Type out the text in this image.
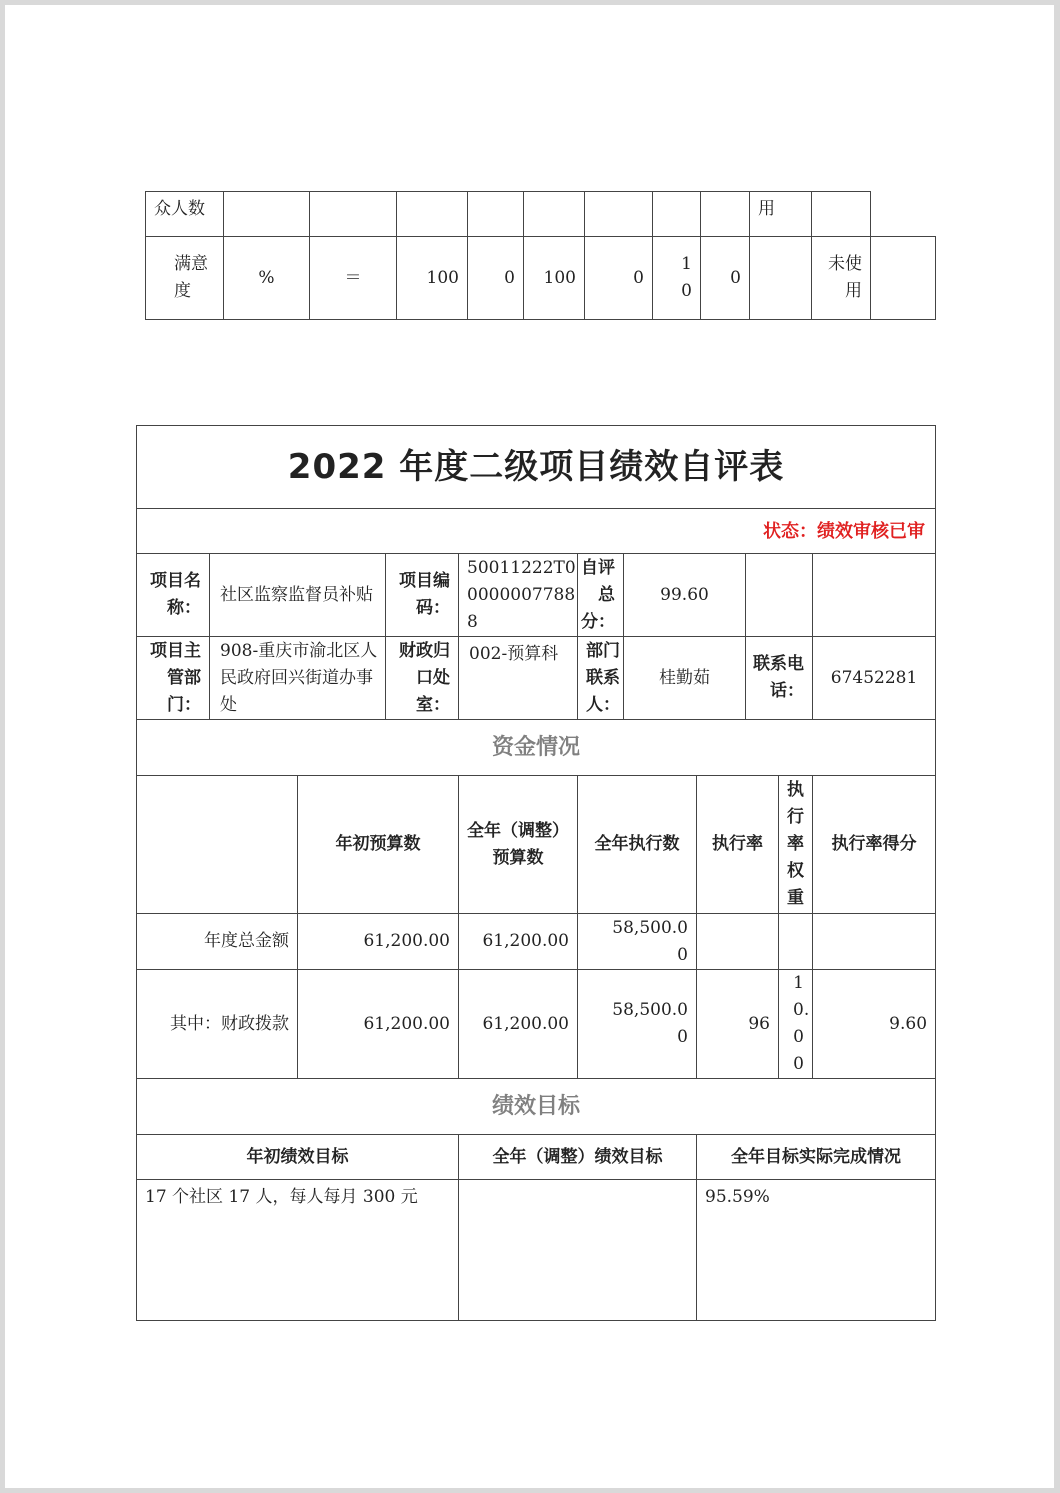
众人数									用		
满意度	%	＝	100	0	100	0	10	0		未使用	
2022 年度二级项目绩效自评表										
状态：绩效审核已审										
项目名称：	社区监察监督员补贴		项目编码：	50011222T000000077888	自评总分：	99.60				
项目主管部门：	908-重庆市渝北区人民政府回兴街道办事处		财政归口处室：	002-预算科	部门联系人：	桂勤茹		联系电话：		67452281
资金情况										
		年初预算数		全年（调整）预算数	全年执行数		执行率		执行率权重	执行率得分
年度总金额		61,200.00		61,200.00	58,500.00					
其中：财政拨款		61,200.00		61,200.00	58,500.00		96		10.00	9.60
绩效目标										
年初绩效目标				全年（调整）绩效目标			全年目标实际完成情况			
17 个社区 17 人，每人每月 300 元							95.59%			
